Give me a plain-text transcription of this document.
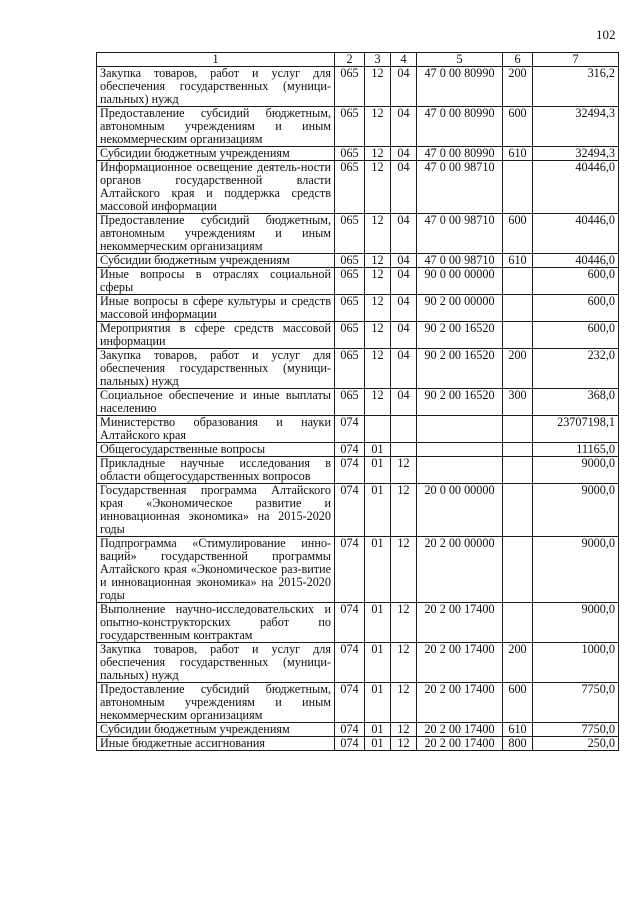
102
1	2	3	4	5	6	7
Закупка товаров, работ и услуг для обеспечения государственных (муници-пальных) нужд	065	12	04	47 0 00 80990	200	316,2
Предоставление субсидий бюджетным, автономным учреждениям и иным некоммерческим организациям	065	12	04	47 0 00 80990	600	32494,3
Субсидии бюджетным учреждениям	065	12	04	47 0 00 80990	610	32494,3
Информационное освещение деятель-ности органов государственной власти Алтайского края и поддержка средств массовой информации	065	12	04	47 0 00 98710		40446,0
Предоставление субсидий бюджетным, автономным учреждениям и иным некоммерческим организациям	065	12	04	47 0 00 98710	600	40446,0
Субсидии бюджетным учреждениям	065	12	04	47 0 00 98710	610	40446,0
Иные вопросы в отраслях социальной сферы	065	12	04	90 0 00 00000		600,0
Иные вопросы в сфере культуры и средств массовой информации	065	12	04	90 2 00 00000		600,0
Мероприятия в сфере средств массовой информации	065	12	04	90 2 00 16520		600,0
Закупка товаров, работ и услуг для обеспечения государственных (муници-пальных) нужд	065	12	04	90 2 00 16520	200	232,0
Социальное обеспечение и иные выплаты населению	065	12	04	90 2 00 16520	300	368,0
Министерство образования и науки Алтайского края	074					23707198,1
Общегосударственные вопросы	074	01				11165,0
Прикладные научные исследования в области общегосударственных вопросов	074	01	12			9000,0
Государственная программа Алтайского края «Экономическое развитие и инновационная экономика» на 2015-2020 годы	074	01	12	20 0 00 00000		9000,0
Подпрограмма «Стимулирование инно-ваций» государственной программы Алтайского края «Экономическое раз-витие и инновационная экономика» на 2015-2020 годы	074	01	12	20 2 00 00000		9000,0
Выполнение научно-исследовательских и опытно-конструкторских работ по государственным контрактам	074	01	12	20 2 00 17400		9000,0
Закупка товаров, работ и услуг для обеспечения государственных (муници-пальных) нужд	074	01	12	20 2 00 17400	200	1000,0
Предоставление субсидий бюджетным, автономным учреждениям и иным некоммерческим организациям	074	01	12	20 2 00 17400	600	7750,0
Субсидии бюджетным учреждениям	074	01	12	20 2 00 17400	610	7750,0
Иные бюджетные ассигнования	074	01	12	20 2 00 17400	800	250,0
